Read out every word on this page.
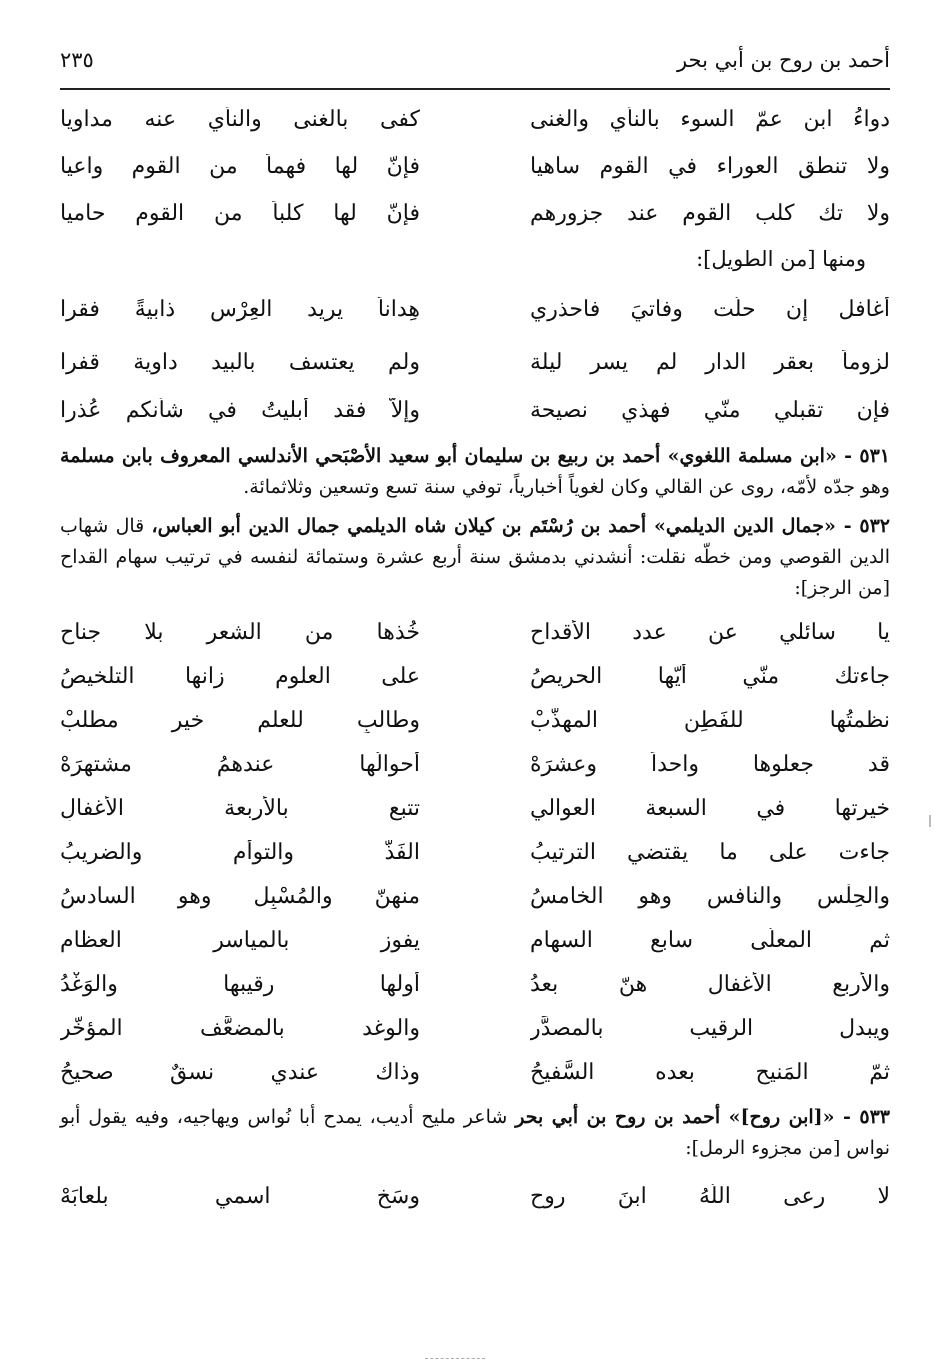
أحمد بن روح بن أبي بحر
٢٣٥
دواءُ ابن عمّ السوء بالنأي والغنى
كفى بالغنى والنأي عنه مداويا
ولا تنطق العوراء في القوم ساهيا
فإنّ لها فهماً من القوم واعيا
ولا تك كلب القوم عند جزورهم
فإنّ لها كلباً من القوم حاميا
ومنها [من الطويل]:
أغافل إن حلّت وفاتيَ فاحذري
هِداناً يريد العِرْس ذابيةً فقرا
لزوماً بعقر الدار لم يسر ليلة
ولم يعتسف بالبيد داوية قفرا
فإن تقبلي منّي فهذي نصيحة
وإلاّ فقد أبليتُ في شأنكم عُذرا

٥٣١ - «ابن مسلمة اللغوي» أحمد بن ربيع بن سليمان أبو سعيد الأصْبَحي الأندلسي المعروف بابن مسلمة وهو جدّه لأمّه، روى عن القالي وكان لغوياً أخبارياً، توفي سنة تسع وتسعين وثلاثمائة.

٥٣٢ - «جمال الدين الديلمي» أحمد بن رُسْتَم بن كيلان شاه الديلمي جمال الدين أبو العباس، قال شهاب الدين القوصي ومن خطّه نقلت: أنشدني بدمشق سنة أربع عشرة وستمائة لنفسه في ترتيب سهام القداح [من الرجز]:

يا سائلي عن عدد الأقداحِ
خُذها من الشعر بلا جناحِ
جاءتك منّي أيّها الحريصُ
على العلوم زانها التلخيصُ
نظمتُها للفَطِن المهذَّبْ
وطالبٍ للعلم خير مطلبْ
قد جعلوها واحداً وعشرَهْ
أحوالُها عندهمُ مشتهرَهْ
خيرتها في السبعة العوالي
تتبع بالأربعة الأغفالِ
جاءت على ما يقتضي الترتيبُ
الفَذّ والتوأم والضريبُ
والحِلْس والنافس وهو الخامسُ
منهنّ والمُسْبِل وهو السادسُ
ثم المعلّى سابع السهام
يفوز بالمياسر العظام
والأربع الأغفال هنّ بعدُ
أولها رقيبها والوَغْدُ
ويبدل الرقيب بالمصدَّرِ
والوغد بالمضعَّف المؤخَّرِ
ثمّ المَنيح بعده السَّفيحُ
وذاك عندي نسقٌ صحيحُ

٥٣٣ - «[ابن روح]» أحمد بن روح بن أبي بحر شاعر مليح أديب، يمدح أبا نُواس ويهاجيه، وفيه يقول أبو نواس [من مجزوء الرمل]:

لا رعى اللّهُ ابنَ روح
وسَخ اسمي بلعابَهْ
